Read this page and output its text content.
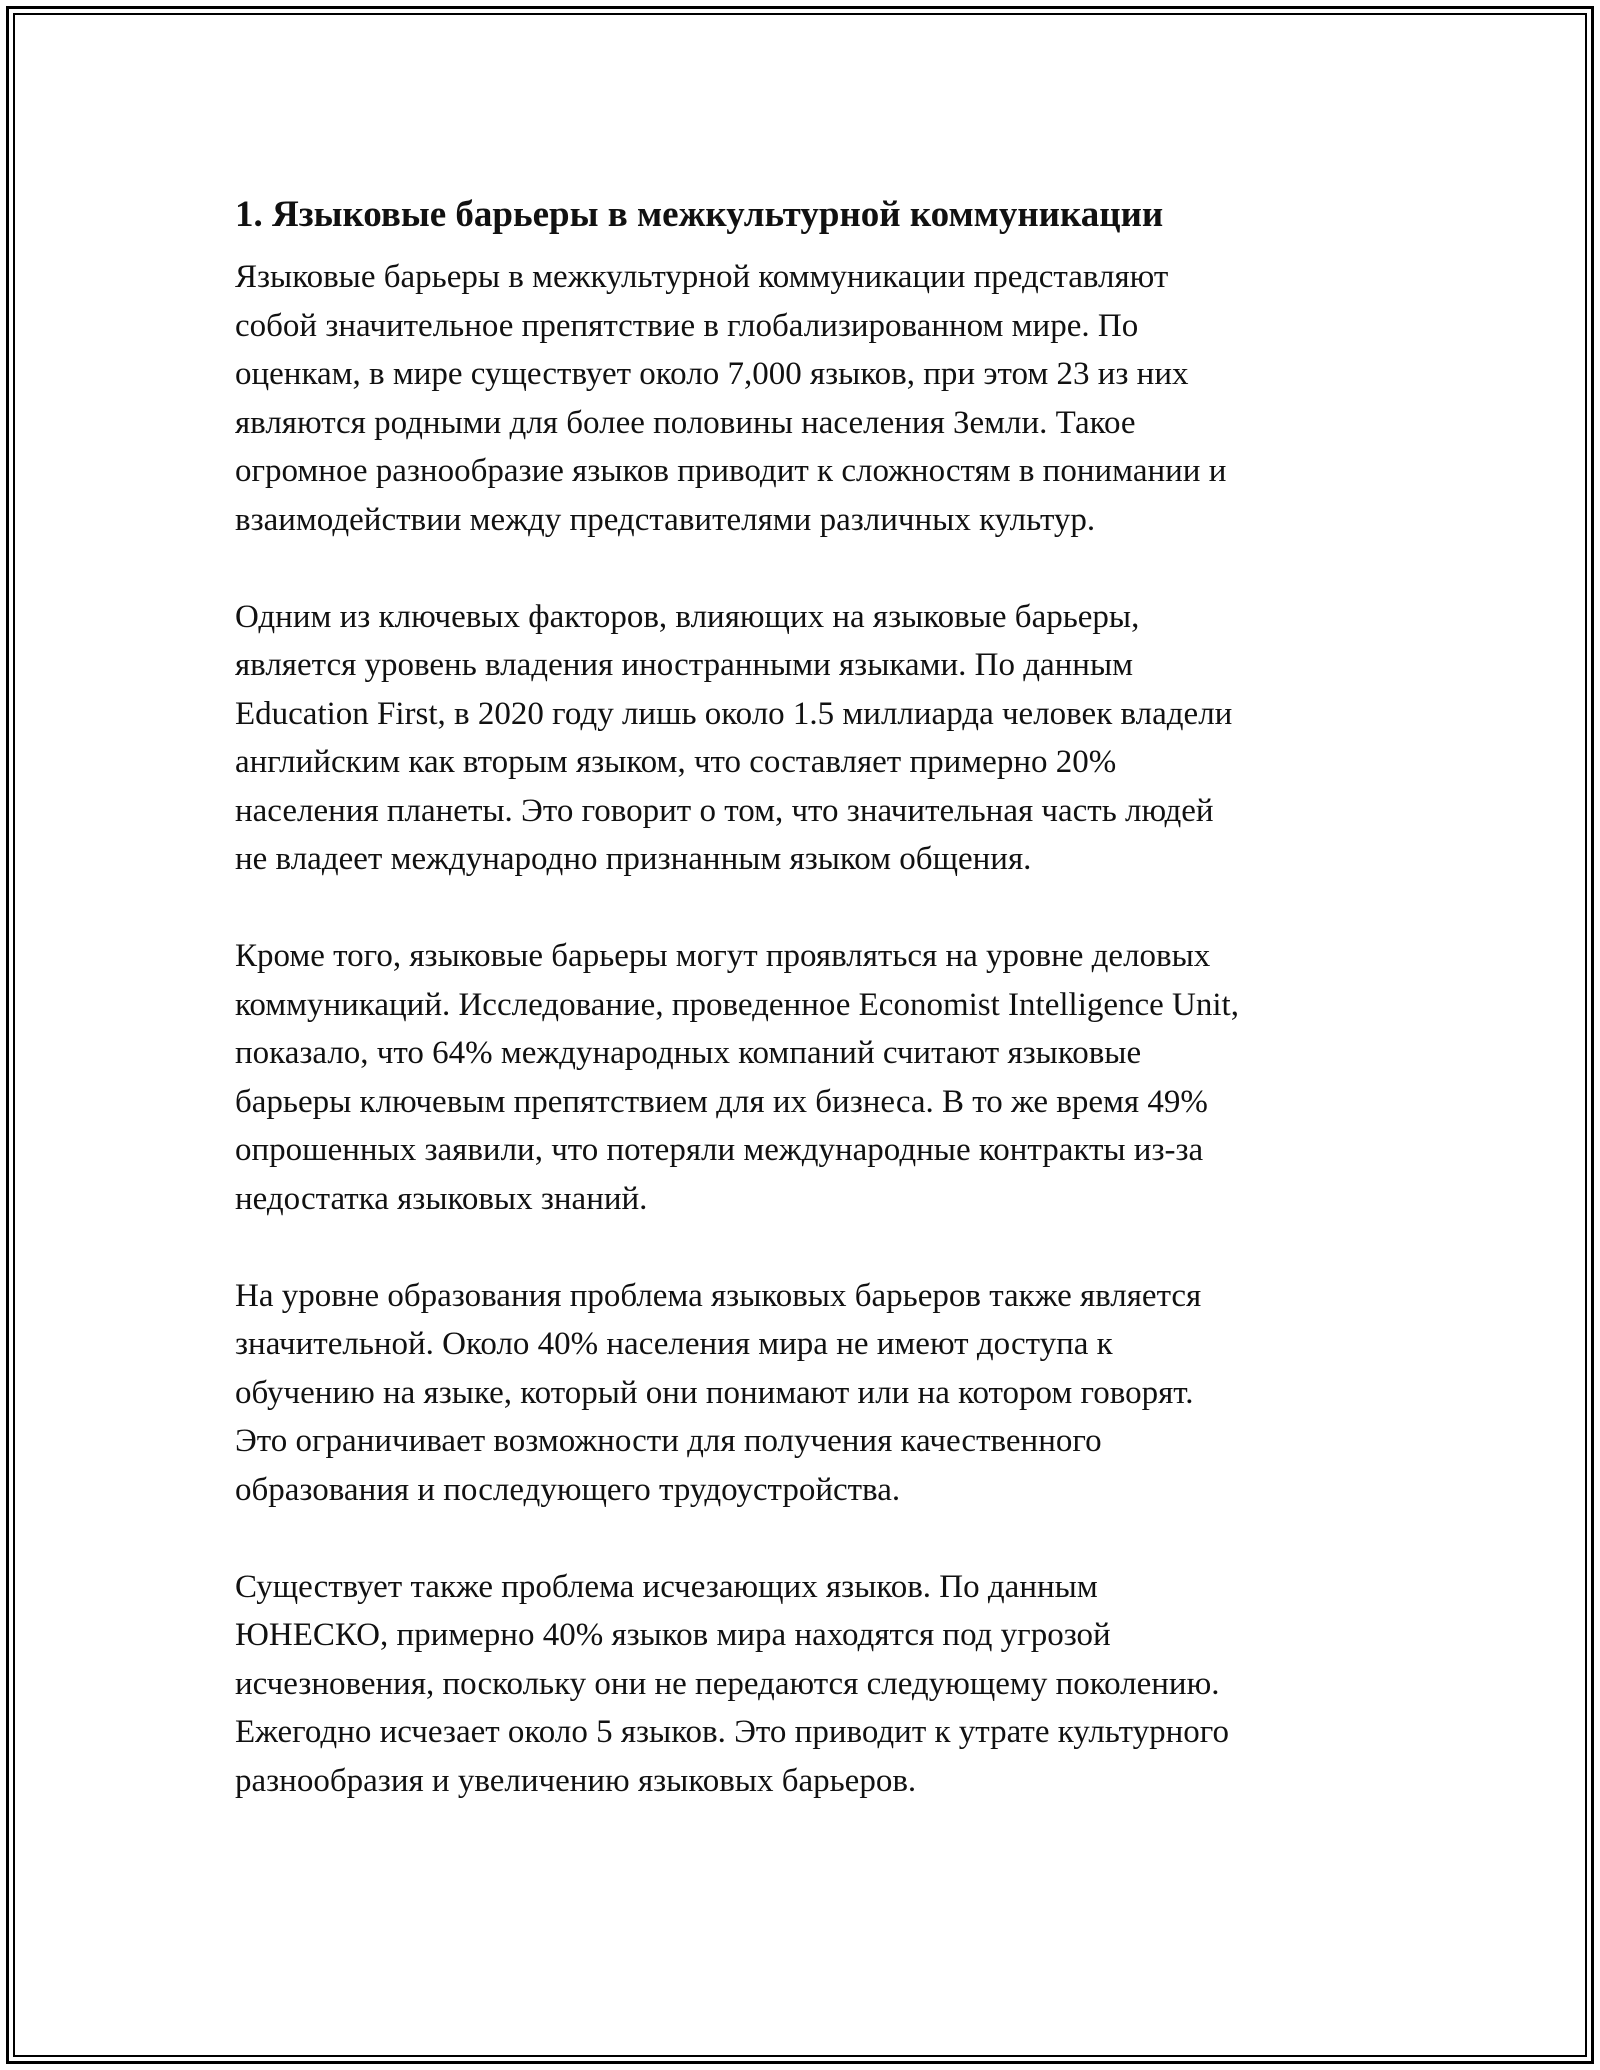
1. Языковые барьеры в межкультурной коммуникации

Языковые барьеры в межкультурной коммуникации представляют
собой значительное препятствие в глобализированном мире. По
оценкам, в мире существует около 7,000 языков, при этом 23 из них
являются родными для более половины населения Земли. Такое
огромное разнообразие языков приводит к сложностям в понимании и
взаимодействии между представителями различных культур.

Одним из ключевых факторов, влияющих на языковые барьеры,
является уровень владения иностранными языками. По данным
Education First, в 2020 году лишь около 1.5 миллиарда человек владели
английским как вторым языком, что составляет примерно 20%
населения планеты. Это говорит о том, что значительная часть людей
не владеет международно признанным языком общения.

Кроме того, языковые барьеры могут проявляться на уровне деловых
коммуникаций. Исследование, проведенное Economist Intelligence Unit,
показало, что 64% международных компаний считают языковые
барьеры ключевым препятствием для их бизнеса. В то же время 49%
опрошенных заявили, что потеряли международные контракты из-за
недостатка языковых знаний.

На уровне образования проблема языковых барьеров также является
значительной. Около 40% населения мира не имеют доступа к
обучению на языке, который они понимают или на котором говорят.
Это ограничивает возможности для получения качественного
образования и последующего трудоустройства.

Существует также проблема исчезающих языков. По данным
ЮНЕСКО, примерно 40% языков мира находятся под угрозой
исчезновения, поскольку они не передаются следующему поколению.
Ежегодно исчезает около 5 языков. Это приводит к утрате культурного
разнообразия и увеличению языковых барьеров.
